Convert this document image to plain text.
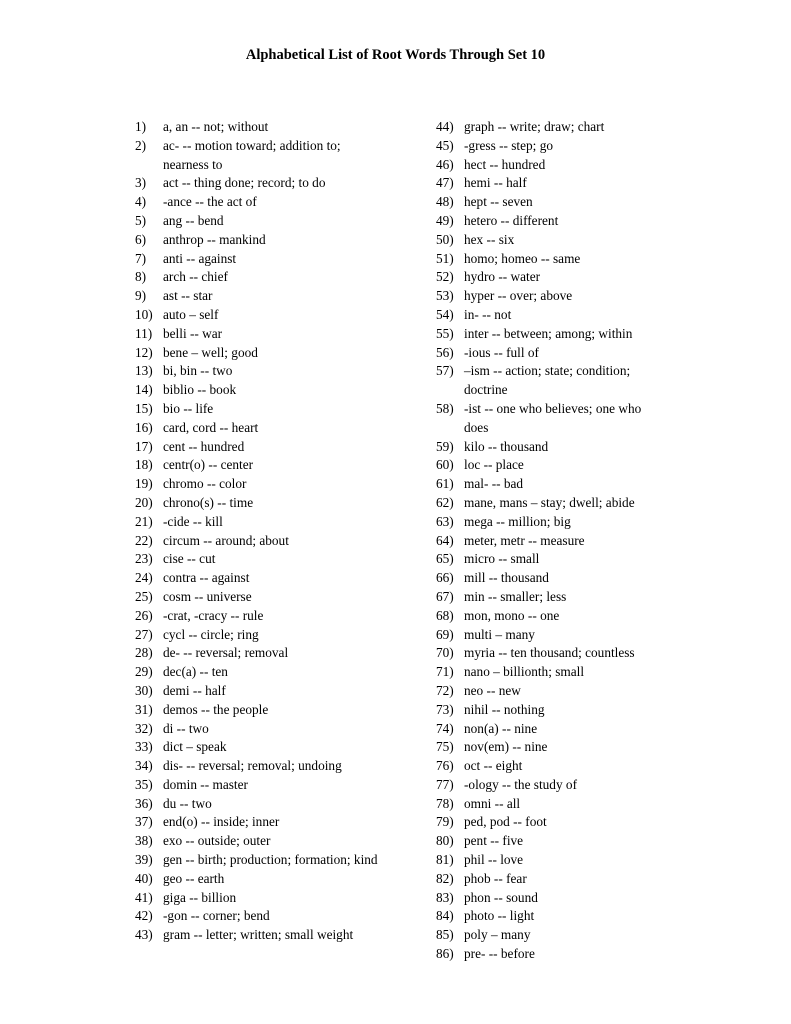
Alphabetical List of Root Words Through Set 10
1)	a, an -- not; without
2)	ac- -- motion toward; addition to; nearness to
3)	act -- thing done; record; to do
4)	-ance -- the act of
5)	ang -- bend
6)	anthrop -- mankind
7)	anti -- against
8)	arch -- chief
9)	ast -- star
10) auto – self
11) belli -- war
12) bene – well; good
13) bi, bin -- two
14) biblio -- book
15) bio -- life
16) card, cord -- heart
17) cent -- hundred
18) centr(o) -- center
19) chromo -- color
20) chrono(s) -- time
21) -cide -- kill
22) circum -- around; about
23) cise -- cut
24) contra -- against
25) cosm -- universe
26) -crat, -cracy -- rule
27) cycl -- circle; ring
28) de- -- reversal; removal
29) dec(a) -- ten
30) demi -- half
31) demos -- the people
32) di -- two
33) dict – speak
34) dis- -- reversal; removal; undoing
35) domin -- master
36) du -- two
37) end(o) -- inside; inner
38) exo -- outside; outer
39) gen -- birth; production; formation; kind
40) geo -- earth
41) giga -- billion
42) -gon -- corner; bend
43) gram -- letter; written; small weight
44) graph -- write; draw; chart
45) -gress -- step; go
46) hect -- hundred
47) hemi -- half
48) hept -- seven
49) hetero -- different
50) hex -- six
51) homo; homeo -- same
52) hydro -- water
53) hyper -- over; above
54) in- -- not
55) inter -- between; among; within
56) -ious -- full of
57) –ism -- action; state; condition; doctrine
58) -ist -- one who believes; one who does
59) kilo -- thousand
60) loc -- place
61) mal- -- bad
62) mane, mans – stay; dwell; abide
63) mega -- million; big
64) meter, metr -- measure
65) micro -- small
66) mill -- thousand
67) min -- smaller; less
68) mon, mono -- one
69) multi – many
70) myria -- ten thousand; countless
71) nano – billionth; small
72) neo -- new
73) nihil -- nothing
74) non(a) -- nine
75) nov(em) -- nine
76) oct -- eight
77) -ology -- the study of
78) omni -- all
79) ped, pod -- foot
80) pent -- five
81) phil -- love
82) phob -- fear
83) phon -- sound
84) photo -- light
85) poly – many
86) pre- -- before
